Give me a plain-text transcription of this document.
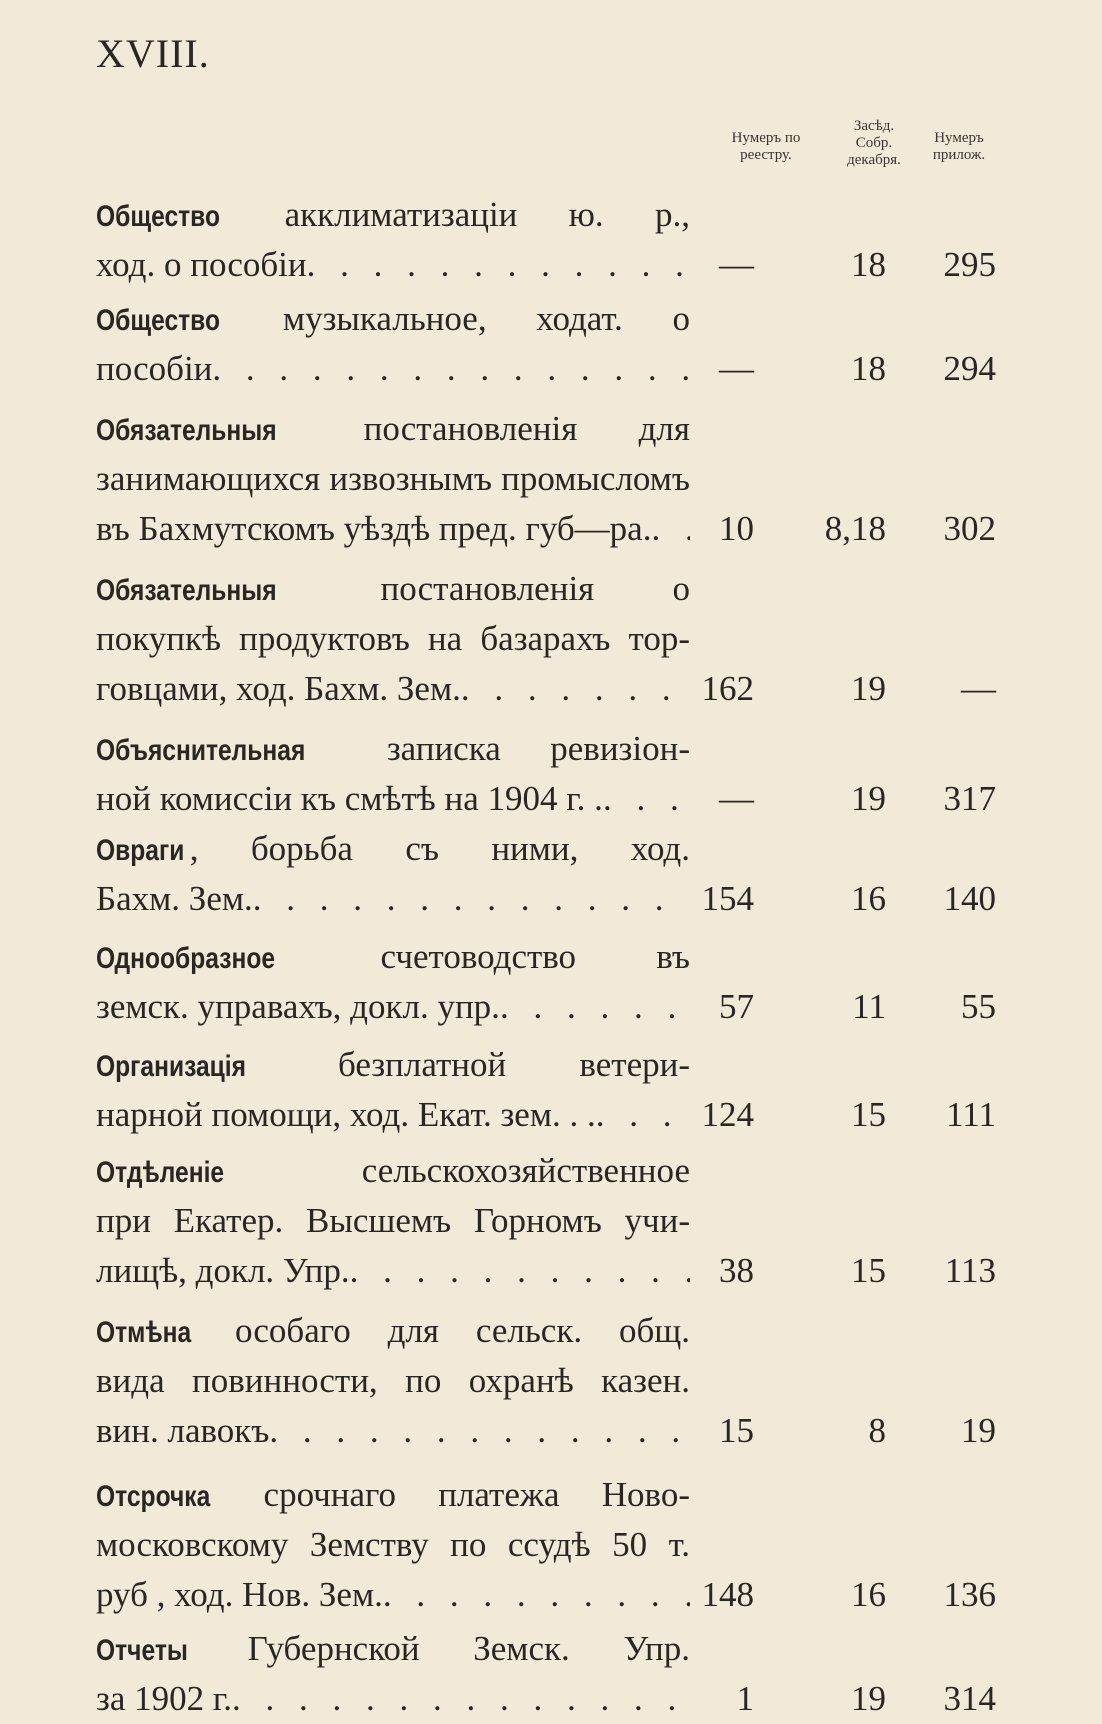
XVIII.
Нумеръ по реестру.
Засѣд. Собр. декабря.
Нумеръ прилож.
Общество акклиматизаціи ю. р.,
ход. о пособіи . . .	—	18	295
Общество музыкальное, ходат. о
пособіи . . .	—	18	294
Обязательныя постановленія для
занимающихся извознымъ промысломъ
въ Бахмутскомъ уѣздѣ пред. губ—ра. . . .	10	8,18	302
Обязательныя постановленія о
покупкѣ продуктовъ на базарахъ тор-
говцами, ход. Бахм. Зем. . . .	162	19	—
Объяснительная записка ревизіон-
ной комиссіи къ смѣтѣ на 1904 г. . . . .	—	19	317
Овраги , борьба съ ними, ход.
Бахм. Зем. . . .	154	16	140
Однообразное счетоводство въ
земск. управахъ, докл. упр. . . .	57	11	55
Организація безплатной ветери-
нарной помощи, ход. Екат. зем. . . . . .	124	15	111
Отдѣленіе сельскохозяйственное
при Екатер. Высшемъ Горномъ учи-
лищѣ, докл. Упр. . . .	38	15	113
Отмѣна особаго для сельск. общ.
вида повинности, по охранѣ казен.
вин. лавокъ . . .	15	8	19
Отсрочка срочнаго платежа Ново-
московскому Земству по ссудѣ 50 т.
руб , ход. Нов. Зем. . . .	148	16	136
Отчеты Губернской Земск. Упр.
за 1902 г. . . .	1	19	314
